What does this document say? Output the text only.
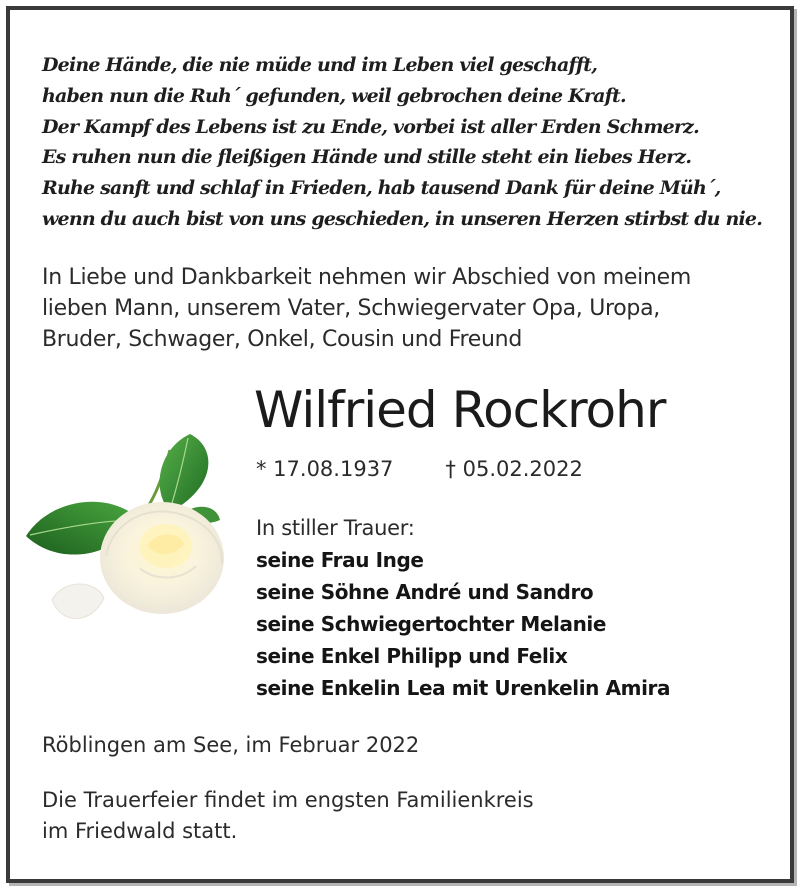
Deine Hände, die nie müde und im Leben viel geschafft,
haben nun die Ruh´ gefunden, weil gebrochen deine Kraft.
Der Kampf des Lebens ist zu Ende, vorbei ist aller Erden Schmerz.
Es ruhen nun die fleißigen Hände und stille steht ein liebes Herz.
Ruhe sanft und schlaf in Frieden, hab tausend Dank für deine Müh´,
wenn du auch bist von uns geschieden, in unseren Herzen stirbst du nie.
In Liebe und Dankbarkeit nehmen wir Abschied von meinem
lieben Mann, unserem Vater, Schwiegervater Opa, Uropa,
Bruder, Schwager, Onkel, Cousin und Freund
Wilfried Rockrohr
* 17.08.1937 † 05.02.2022
In stiller Trauer:
seine Frau Inge
seine Söhne André und Sandro
seine Schwiegertochter Melanie
seine Enkel Philipp und Felix
seine Enkelin Lea mit Urenkelin Amira
Röblingen am See, im Februar 2022
Die Trauerfeier findet im engsten Familienkreis
im Friedwald statt.
